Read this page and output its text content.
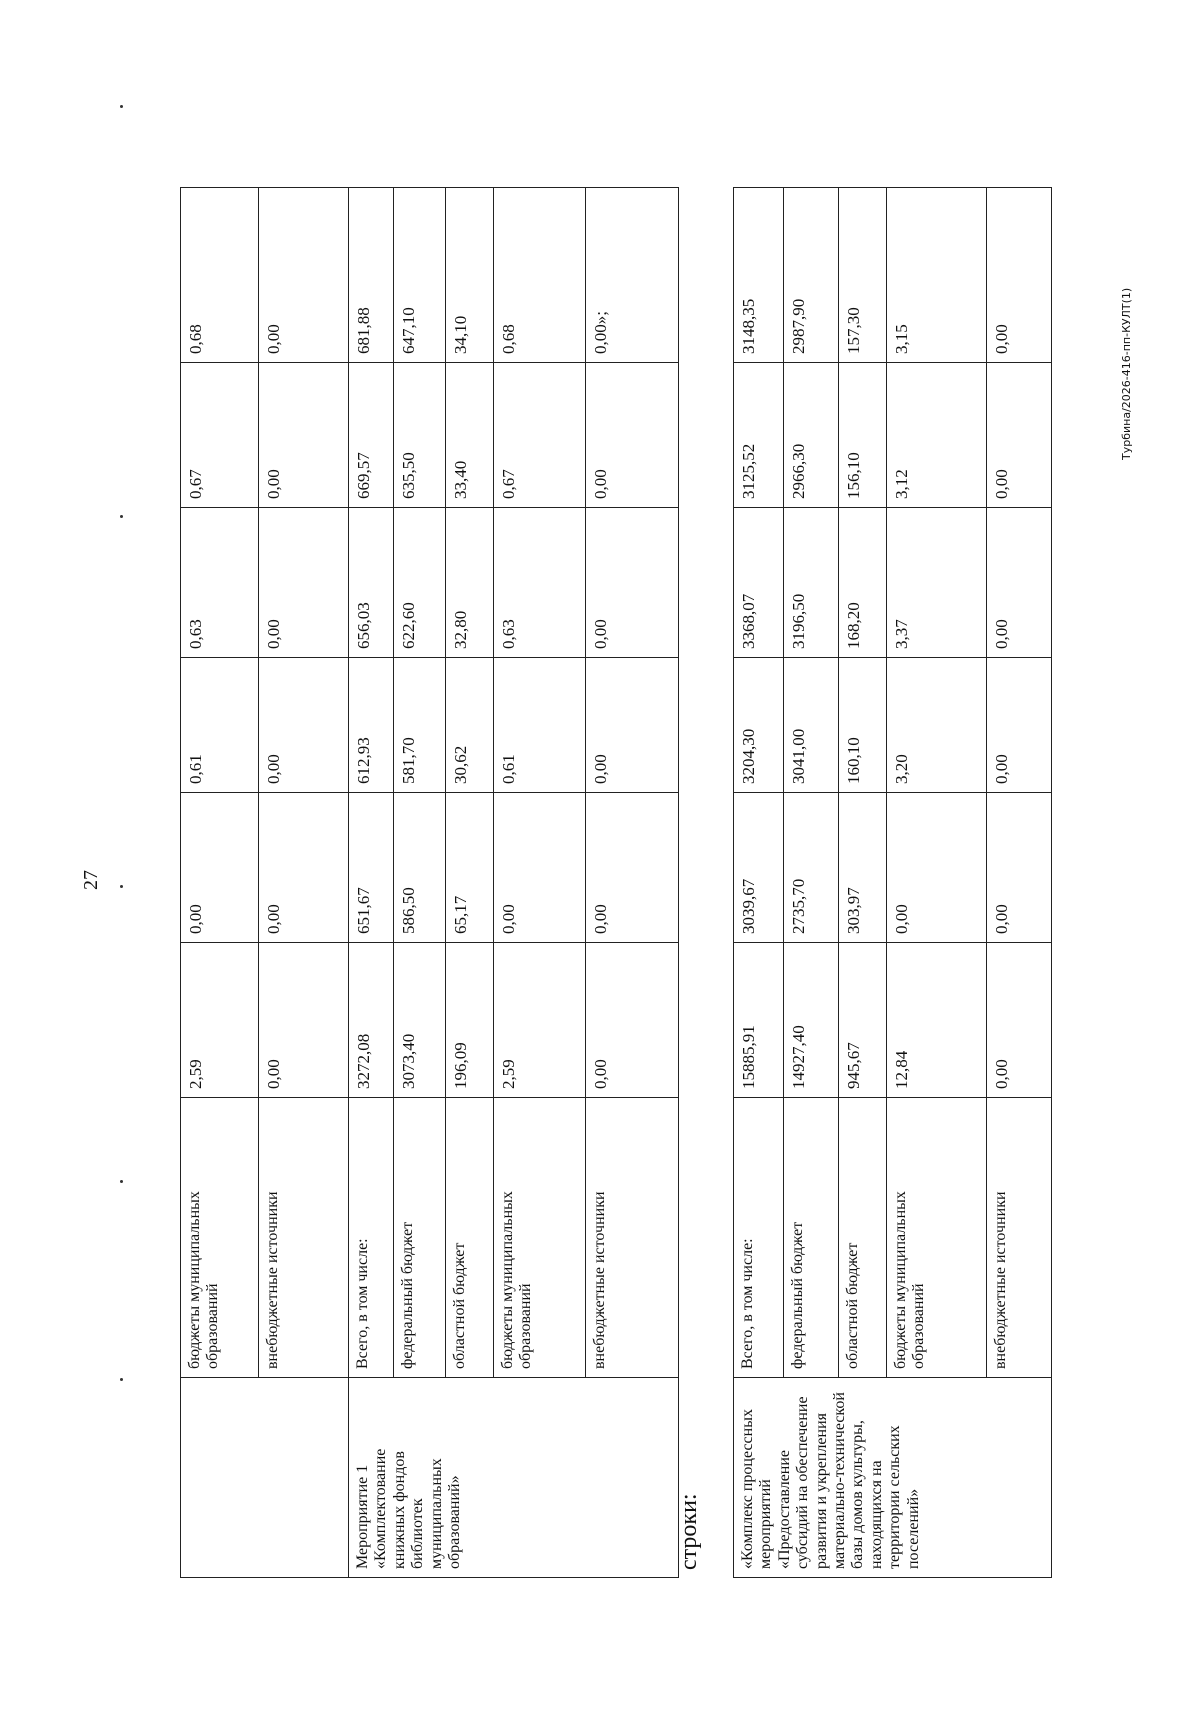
27
Турбина/2026-416-пп-КУЛТ(1)
	бюджеты муниципальных образований	2,59	0,00	0,61	0,63	0,67	0,68
	внебюджетные источники	0,00	0,00	0,00	0,00	0,00	0,00
Мероприятие 1 «Комплектование книжных фондов библиотек муниципальных образований»	Всего, в том числе:	3272,08	651,67	612,93	656,03	669,57	681,88
	федеральный бюджет	3073,40	586,50	581,70	622,60	635,50	647,10
	областной бюджет	196,09	65,17	30,62	32,80	33,40	34,10
	бюджеты муниципальных образований	2,59	0,00	0,61	0,63	0,67	0,68
	внебюджетные источники	0,00	0,00	0,00	0,00	0,00	0,00»;
строки: «Комплекс процессных мероприятий «Предоставление субсидий на обеспечение развития и укрепления материально-технической базы домов культуры, находящихся на территории сельских поселений»	Всего, в том числе:	15885,91	3039,67	3204,30	3368,07	3125,52	3148,35
	федеральный бюджет	14927,40	2735,70	3041,00	3196,50	2966,30	2987,90
	областной бюджет	945,67	303,97	160,10	168,20	156,10	157,30
	бюджеты муниципальных образований	12,84	0,00	3,20	3,37	3,12	3,15
	внебюджетные источники	0,00	0,00	0,00	0,00	0,00	0,00
